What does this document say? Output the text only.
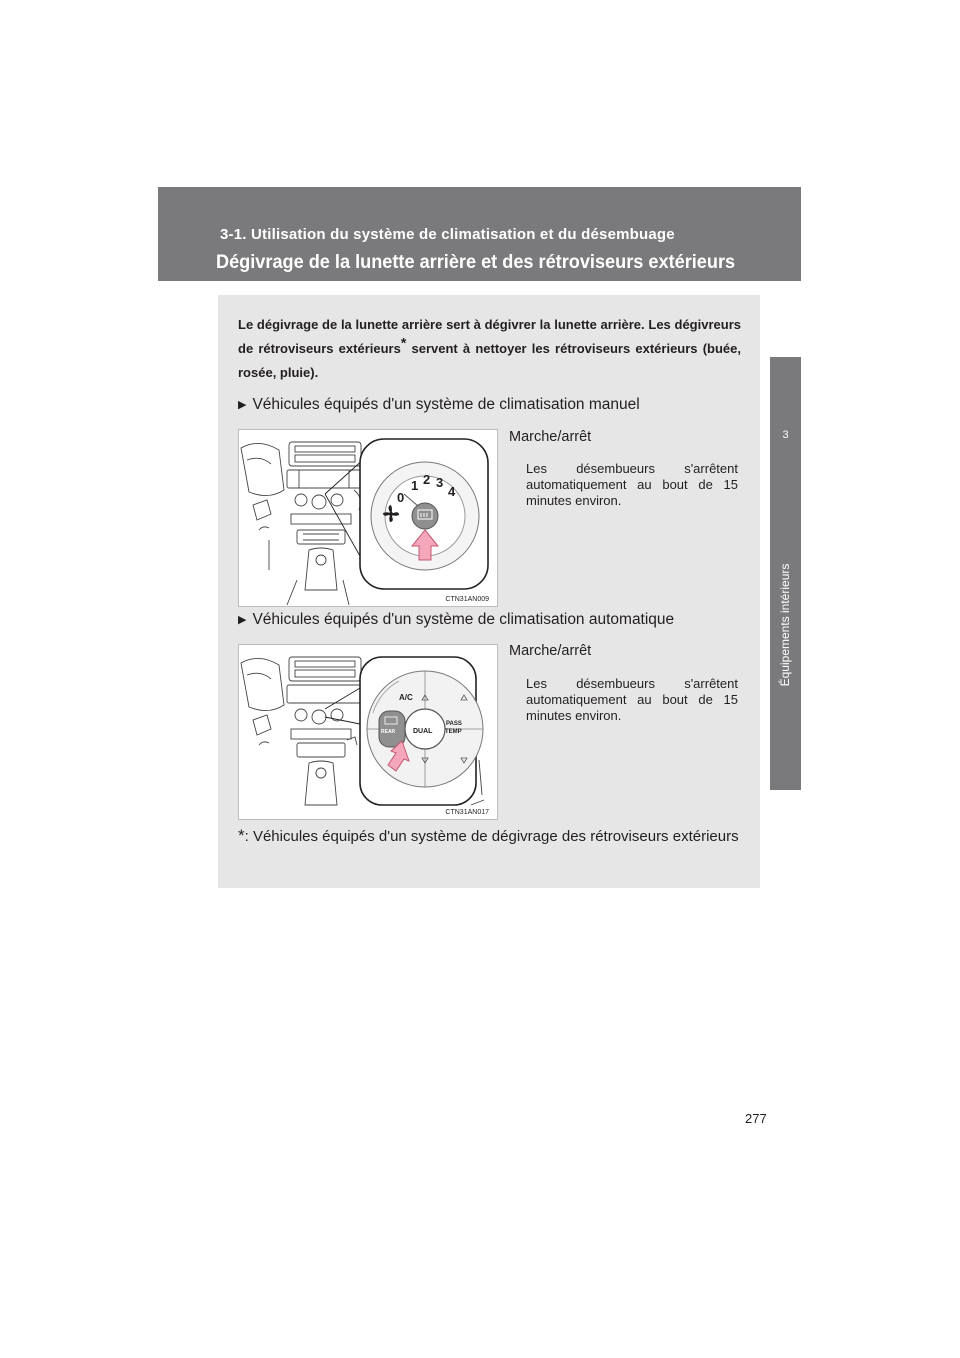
3-1. Utilisation du système de climatisation et du désembuage
Dégivrage de la lunette arrière et des rétroviseurs extérieurs
3
Équipements intérieurs
Le dégivrage de la lunette arrière sert à dégivrer la lunette arrière. Les dégivreurs de rétroviseurs extérieurs* servent à nettoyer les rétroviseurs extérieurs (buée, rosée, pluie).
▶ Véhicules équipés d'un système de climatisation manuel
0
1 2 3
4
CTN31AN009
Marche/arrêt
Les désembueurs s'arrêtent automatiquement au bout de 15 minutes environ.
▶ Véhicules équipés d'un système de climatisation automatique
A/C
REAR	DUAL
PASS
TEMP
CTN31AN017
Marche/arrêt
Les désembueurs s'arrêtent automatiquement au bout de 15 minutes environ.
*: Véhicules équipés d'un système de dégivrage des rétroviseurs extérieurs
277
